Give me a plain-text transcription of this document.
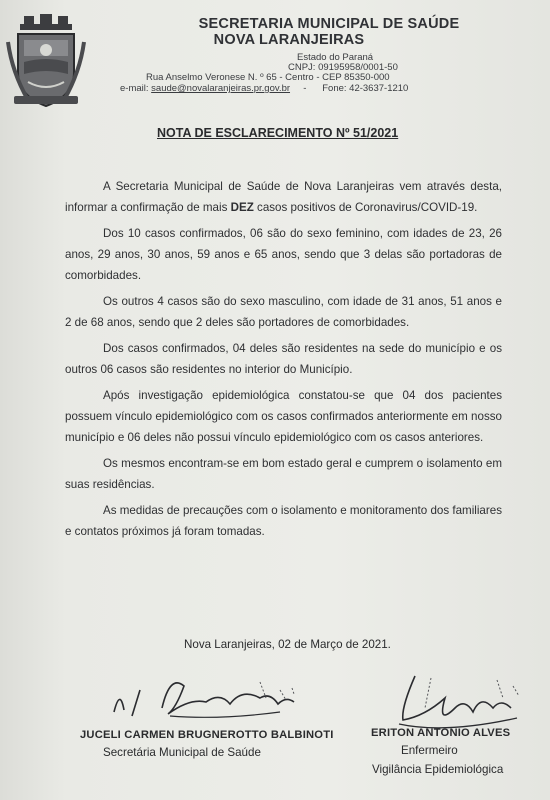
SECRETARIA MUNICIPAL DE SAÚDE
NOVA LARANJEIRAS
Estado do Paraná
CNPJ: 09195958/0001-50
Rua Anselmo Veronese N. º 65 - Centro - CEP 85350-000
e-mail: saude@novalaranjeiras.pr.gov.br - Fone: 42-3637-1210
NOTA DE ESCLARECIMENTO Nº 51/2021

A Secretaria Municipal de Saúde de Nova Laranjeiras vem através desta, informar a confirmação de mais DEZ casos positivos de Coronavirus/COVID-19.

Dos 10 casos confirmados, 06 são do sexo feminino, com idades de 23, 26 anos, 29 anos, 30 anos, 59 anos e 65 anos, sendo que 3 delas são portadoras de comorbidades.

Os outros 4 casos são do sexo masculino, com idade de 31 anos, 51 anos e 2 de 68 anos, sendo que 2 deles são portadores de comorbidades.

Dos casos confirmados, 04 deles são residentes na sede do município e os outros 06 casos são residentes no interior do Município.

Após investigação epidemiológica constatou-se que 04 dos pacientes possuem vínculo epidemiológico com os casos confirmados anteriormente em nosso município e 06 deles não possui vínculo epidemiológico com os casos anteriores.

Os mesmos encontram-se em bom estado geral e cumprem o isolamento em suas residências.

As medidas de precauções com o isolamento e monitoramento dos familiares e contatos próximos já foram tomadas.

Nova Laranjeiras, 02 de Março de 2021.
JUCELI CARMEN BRUGNEROTTO BALBINOTI
Secretária Municipal de Saúde
ERITON ANTONIO ALVES
Enfermeiro
Vigilância Epidemiológica
